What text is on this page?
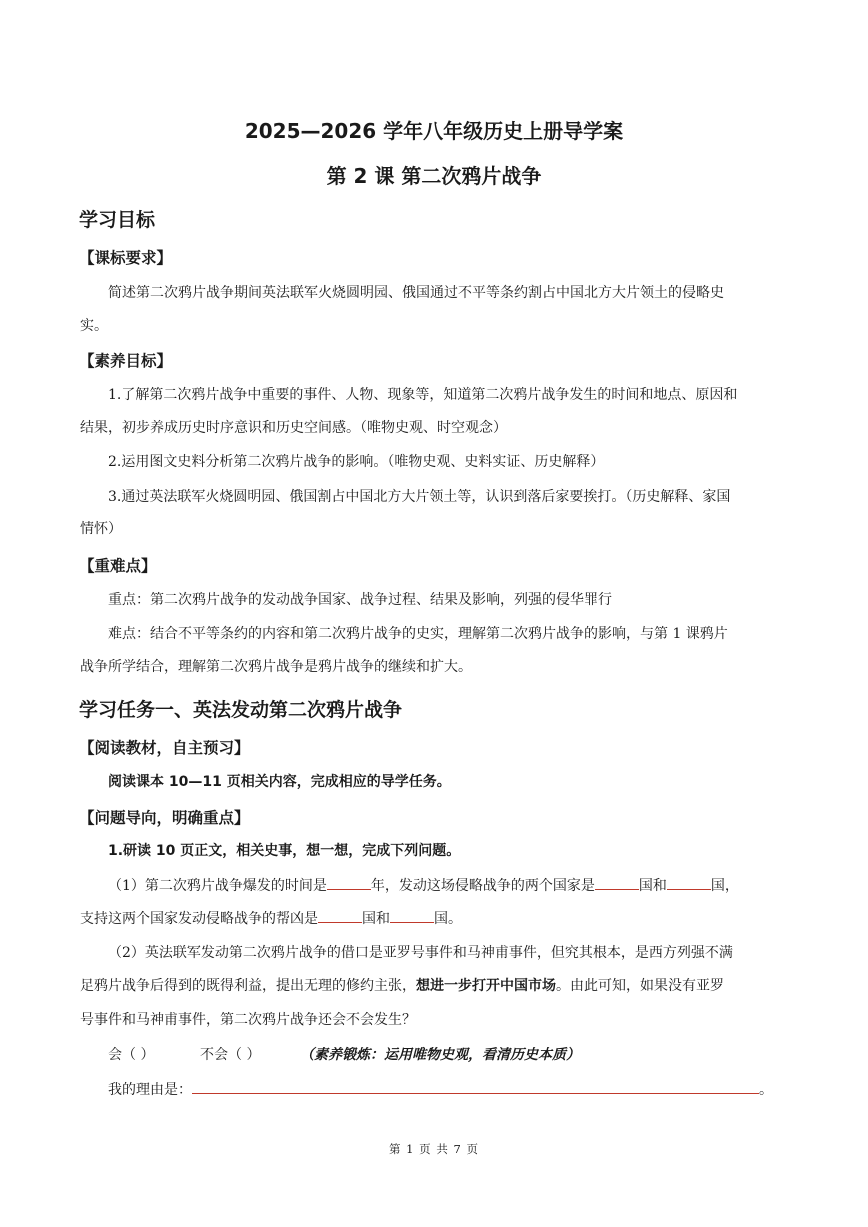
2025—2026 学年八年级历史上册导学案
第 2 课 第二次鸦片战争
学习目标
【课标要求】
简述第二次鸦片战争期间英法联军火烧圆明园、俄国通过不平等条约割占中国北方大片领土的侵略史
实。
【素养目标】
1.了解第二次鸦片战争中重要的事件、人物、现象等，知道第二次鸦片战争发生的时间和地点、原因和
结果，初步养成历史时序意识和历史空间感。（唯物史观、时空观念）
2.运用图文史料分析第二次鸦片战争的影响。（唯物史观、史料实证、历史解释）
3.通过英法联军火烧圆明园、俄国割占中国北方大片领土等，认识到落后家要挨打。（历史解释、家国
情怀）
【重难点】
重点：第二次鸦片战争的发动战争国家、战争过程、结果及影响，列强的侵华罪行
难点：结合不平等条约的内容和第二次鸦片战争的史实，理解第二次鸦片战争的影响，与第 1 课鸦片
战争所学结合，理解第二次鸦片战争是鸦片战争的继续和扩大。
学习任务一、英法发动第二次鸦片战争
【阅读教材，自主预习】
阅读课本 10—11 页相关内容，完成相应的导学任务。
【问题导向，明确重点】
1.研读 10 页正文，相关史事，想一想，完成下列问题。
（1）第二次鸦片战争爆发的时间是	年，发动这场侵略战争的两个国家是	国和	国，
支持这两个国家发动侵略战争的帮凶是	国和	国。
（2）英法联军发动第二次鸦片战争的借口是亚罗号事件和马神甫事件，但究其根本，是西方列强不满
足鸦片战争后得到的既得利益，提出无理的修约主张，想进一步打开中国市场。由此可知，如果没有亚罗
号事件和马神甫事件，第二次鸦片战争还会不会发生？
会（ ）	不会（ ）	（素养锻炼：运用唯物史观，看清历史本质）
我的理由是：	。
第 1 页 共 7 页
